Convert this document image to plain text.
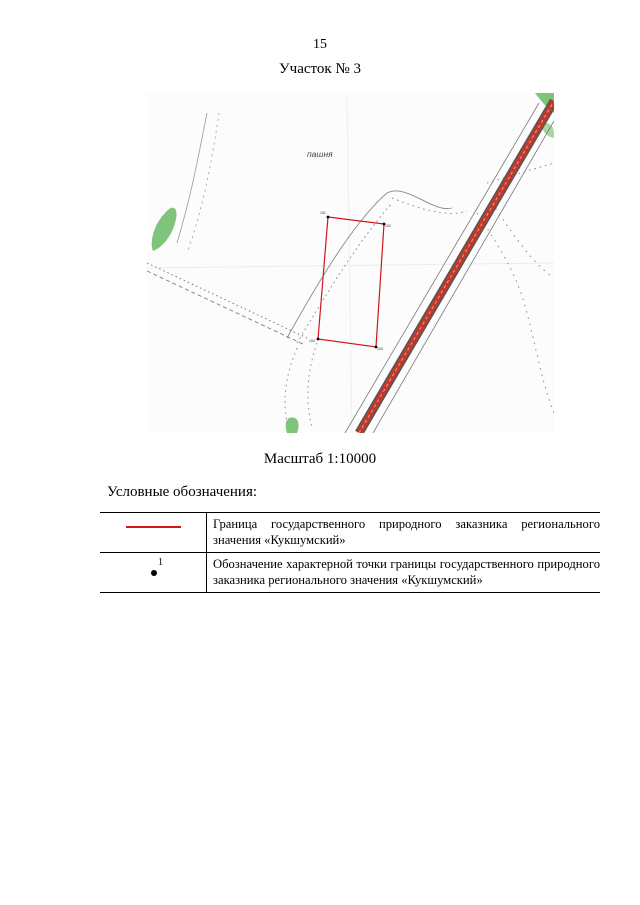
15
Участок № 3
пашня
101
102
103
104
Масштаб 1:10000
Условные обозначения:
	Граница государственного природного заказника регионального значения «Кукшумский»

$^1$	Обозначение характерной точки границы государственного природного заказника регионального значения «Кукшумский»
